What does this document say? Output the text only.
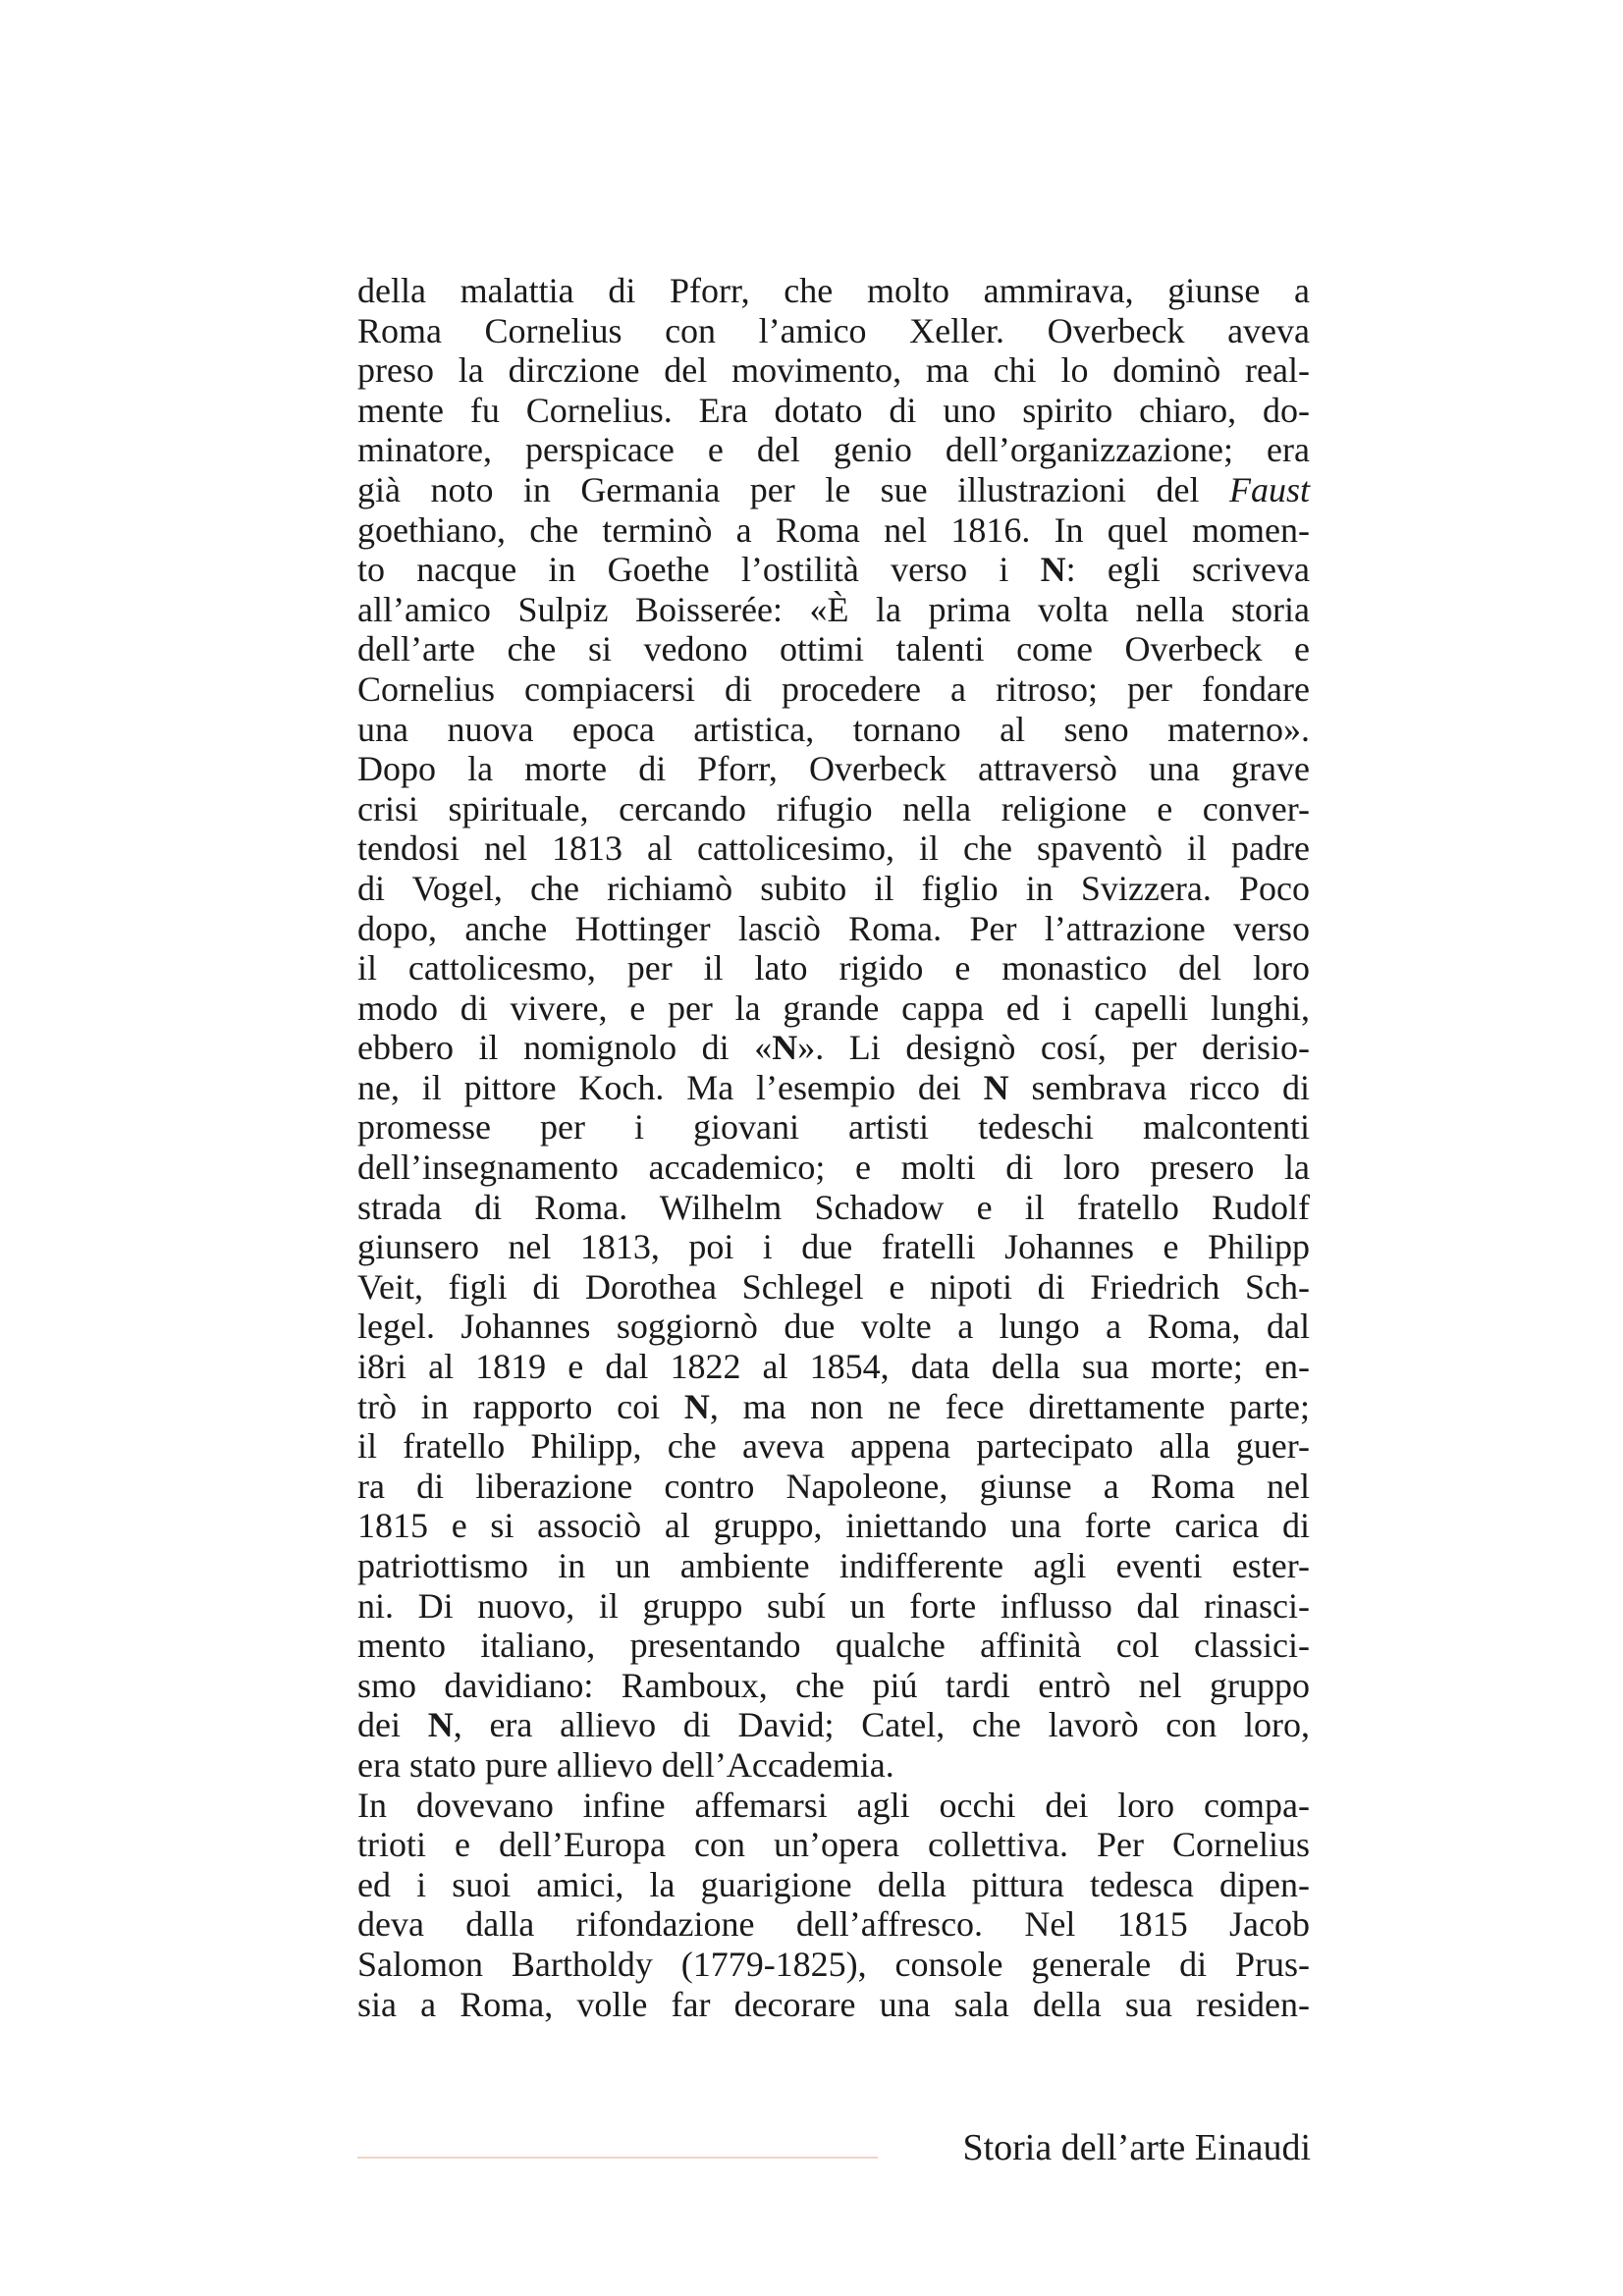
della malattia di Pforr, che molto ammirava, giunse a
Roma Cornelius con l’amico Xeller. Overbeck aveva
preso la dirczione del movimento, ma chi lo dominò real-
mente fu Cornelius. Era dotato di uno spirito chiaro, do-
minatore, perspicace e del genio dell’organizzazione; era
già noto in Germania per le sue illustrazioni del Faust
goethiano, che terminò a Roma nel 1816. In quel momen-
to nacque in Goethe l’ostilità verso i N: egli scriveva
all’amico Sulpiz Boisserée: «È la prima volta nella storia
dell’arte che si vedono ottimi talenti come Overbeck e
Cornelius compiacersi di procedere a ritroso; per fondare
una nuova epoca artistica, tornano al seno materno».
Dopo la morte di Pforr, Overbeck attraversò una grave
crisi spirituale, cercando rifugio nella religione e conver-
tendosi nel 1813 al cattolicesimo, il che spaventò il padre
di Vogel, che richiamò subito il figlio in Svizzera. Poco
dopo, anche Hottinger lasciò Roma. Per l’attrazione verso
il cattolicesmo, per il lato rigido e monastico del loro
modo di vivere, e per la grande cappa ed i capelli lunghi,
ebbero il nomignolo di «N». Li designò cosí, per derisio-
ne, il pittore Koch. Ma l’esempio dei N sembrava ricco di
promesse per i giovani artisti tedeschi malcontenti
dell’insegnamento accademico; e molti di loro presero la
strada di Roma. Wilhelm Schadow e il fratello Rudolf
giunsero nel 1813, poi i due fratelli Johannes e Philipp
Veit, figli di Dorothea Schlegel e nipoti di Friedrich Sch-
legel. Johannes soggiornò due volte a lungo a Roma, dal
i8ri al 1819 e dal 1822 al 1854, data della sua morte; en-
trò in rapporto coi N, ma non ne fece direttamente parte;
il fratello Philipp, che aveva appena partecipato alla guer-
ra di liberazione contro Napoleone, giunse a Roma nel
1815 e si associò al gruppo, iniettando una forte carica di
patriottismo in un ambiente indifferente agli eventi ester-
ni. Di nuovo, il gruppo subí un forte influsso dal rinasci-
mento italiano, presentando qualche affinità col classici-
smo davidiano: Ramboux, che piú tardi entrò nel gruppo
dei N, era allievo di David; Catel, che lavorò con loro,
era stato pure allievo dell’Accademia.
In dovevano infine affemarsi agli occhi dei loro compa-
trioti e dell’Europa con un’opera collettiva. Per Cornelius
ed i suoi amici, la guarigione della pittura tedesca dipen-
deva dalla rifondazione dell’affresco. Nel 1815 Jacob
Salomon Bartholdy (1779-1825), console generale di Prus-
sia a Roma, volle far decorare una sala della sua residen-
Storia dell’arte Einaudi
